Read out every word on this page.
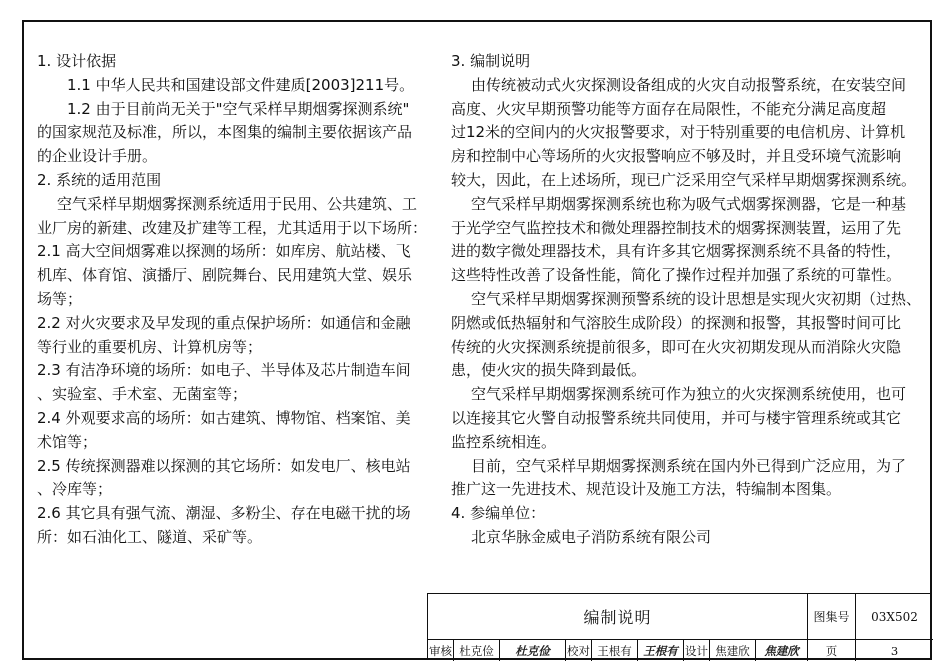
1. 设计依据

1.1 中华人民共和国建设部文件建质[2003]211号。

1.2 由于目前尚无关于"空气采样早期烟雾探测系统"

的国家规范及标准，所以，本图集的编制主要依据该产品

的企业设计手册。

2. 系统的适用范围

空气采样早期烟雾探测系统适用于民用、公共建筑、工

业厂房的新建、改建及扩建等工程，尤其适用于以下场所：

2.1 高大空间烟雾难以探测的场所：如库房、航站楼、飞

机库、体育馆、演播厅、剧院舞台、民用建筑大堂、娱乐

场等；

2.2 对火灾要求及早发现的重点保护场所：如通信和金融

等行业的重要机房、计算机房等；

2.3 有洁净环境的场所：如电子、半导体及芯片制造车间

、实验室、手术室、无菌室等；

2.4 外观要求高的场所：如古建筑、博物馆、档案馆、美

术馆等；

2.5 传统探测器难以探测的其它场所：如发电厂、核电站

、冷库等；

2.6 其它具有强气流、潮湿、多粉尘、存在电磁干扰的场

所：如石油化工、隧道、采矿等。

3. 编制说明

由传统被动式火灾探测设备组成的火灾自动报警系统，在安装空间

高度、火灾早期预警功能等方面存在局限性，不能充分满足高度超

过12米的空间内的火灾报警要求，对于特别重要的电信机房、计算机

房和控制中心等场所的火灾报警响应不够及时，并且受环境气流影响

较大，因此，在上述场所，现已广泛采用空气采样早期烟雾探测系统。

空气采样早期烟雾探测系统也称为吸气式烟雾探测器，它是一种基

于光学空气监控技术和微处理器控制技术的烟雾探测装置，运用了先

进的数字微处理器技术，具有许多其它烟雾探测系统不具备的特性，

这些特性改善了设备性能，简化了操作过程并加强了系统的可靠性。

空气采样早期烟雾探测预警系统的设计思想是实现火灾初期（过热、

阴燃或低热辐射和气溶胶生成阶段）的探测和报警，其报警时间可比

传统的火灾探测系统提前很多，即可在火灾初期发现从而消除火灾隐

患，使火灾的损失降到最低。

空气采样早期烟雾探测系统可作为独立的火灾探测系统使用，也可

以连接其它火警自动报警系统共同使用，并可与楼宇管理系统或其它

监控系统相连。

目前，空气采样早期烟雾探测系统在国内外已得到广泛应用，为了

推广这一先进技术、规范设计及施工方法，特编制本图集。

4. 参编单位：

北京华脉金威电子消防系统有限公司

编制说明	图集号	03X502
审核 杜克俭	杜克俭	校对 王根有	王根有 设计 焦建欣	焦建欣	页	3
